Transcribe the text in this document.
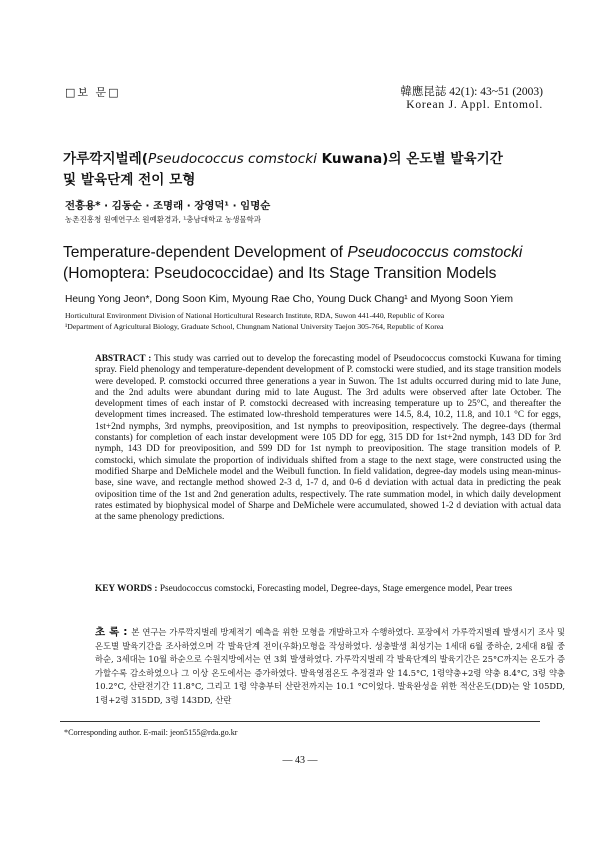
□보 문□	韓應昆誌 42(1): 43~51 (2003)
Korean J. Appl. Entomol.
가루깍지벌레(Pseudococcus comstocki Kuwana)의 온도별 발육기간
및 발육단계 전이 모형
전흥용* · 김동순 · 조명래 · 장영덕¹ · 임명순
농촌진흥청 원예연구소 원예환경과, ¹충남대학교 농생물학과
Temperature-dependent Development of Pseudococcus comstocki
(Homoptera: Pseudococcidae) and Its Stage Transition Models
Heung Yong Jeon*, Dong Soon Kim, Myoung Rae Cho, Young Duck Chang¹ and Myong Soon Yiem
Horticultural Environment Division of National Horticultural Research Institute, RDA, Suwon 441-440, Republic of Korea
¹Department of Agricultural Biology, Graduate School, Chungnam National University Taejon 305-764, Republic of Korea
ABSTRACT : This study was carried out to develop the forecasting model of Pseudococcus comstocki Kuwana for timing spray. Field phenology and temperature-dependent development of P. comstocki were studied, and its stage transition models were developed. P. comstocki occurred three generations a year in Suwon. The 1st adults occurred during mid to late June, and the 2nd adults were abundant during mid to late August. The 3rd adults were observed after late October. The development times of each instar of P. comstocki decreased with increasing temperature up to 25°C, and thereafter the development times increased. The estimated low-threshold temperatures were 14.5, 8.4, 10.2, 11.8, and 10.1 °C for eggs, 1st+2nd nymphs, 3rd nymphs, preoviposition, and 1st nymphs to preoviposition, respectively. The degree-days (thermal constants) for completion of each instar development were 105 DD for egg, 315 DD for 1st+2nd nymph, 143 DD for 3rd nymph, 143 DD for preoviposition, and 599 DD for 1st nymph to preoviposition. The stage transition models of P. comstocki, which simulate the proportion of individuals shifted from a stage to the next stage, were constructed using the modified Sharpe and DeMichele model and the Weibull function. In field validation, degree-day models using mean-minus-base, sine wave, and rectangle method showed 2-3 d, 1-7 d, and 0-6 d deviation with actual data in predicting the peak oviposition time of the 1st and 2nd generation adults, respectively. The rate summation model, in which daily development rates estimated by biophysical model of Sharpe and DeMichele were accumulated, showed 1-2 d deviation with actual data at the same phenology predictions.
KEY WORDS : Pseudococcus comstocki, Forecasting model, Degree-days, Stage emergence model, Pear trees
초 록 : 본 연구는 가루깍지벌레 방제적기 예측을 위한 모형을 개발하고자 수행하였다. 포장에서 가루깍지벌레 발생시기 조사 및 온도별 발육기간을 조사하였으며 각 발육단계 전이(우화)모형을 작성하였다. 성충발생 최성기는 1세대 6월 중하순, 2세대 8월 중하순, 3세대는 10월 하순으로 수원지방에서는 연 3회 발생하였다. 가루깍지벌레 각 발육단계의 발육기간은 25°C까지는 온도가 증가할수록 감소하였으나 그 이상 온도에서는 증가하였다. 발육영점온도 추정결과 알 14.5°C, 1령약충+2령 약충 8.4°C, 3령 약충 10.2°C, 산란전기간 11.8°C, 그리고 1령 약충부터 산란전까지는 10.1 °C이었다. 발육완성을 위한 적산온도(DD)는 알 105DD, 1령+2령 315DD, 3령 143DD, 산란
*Corresponding author. E-mail: jeon5155@rda.go.kr
— 43 —
